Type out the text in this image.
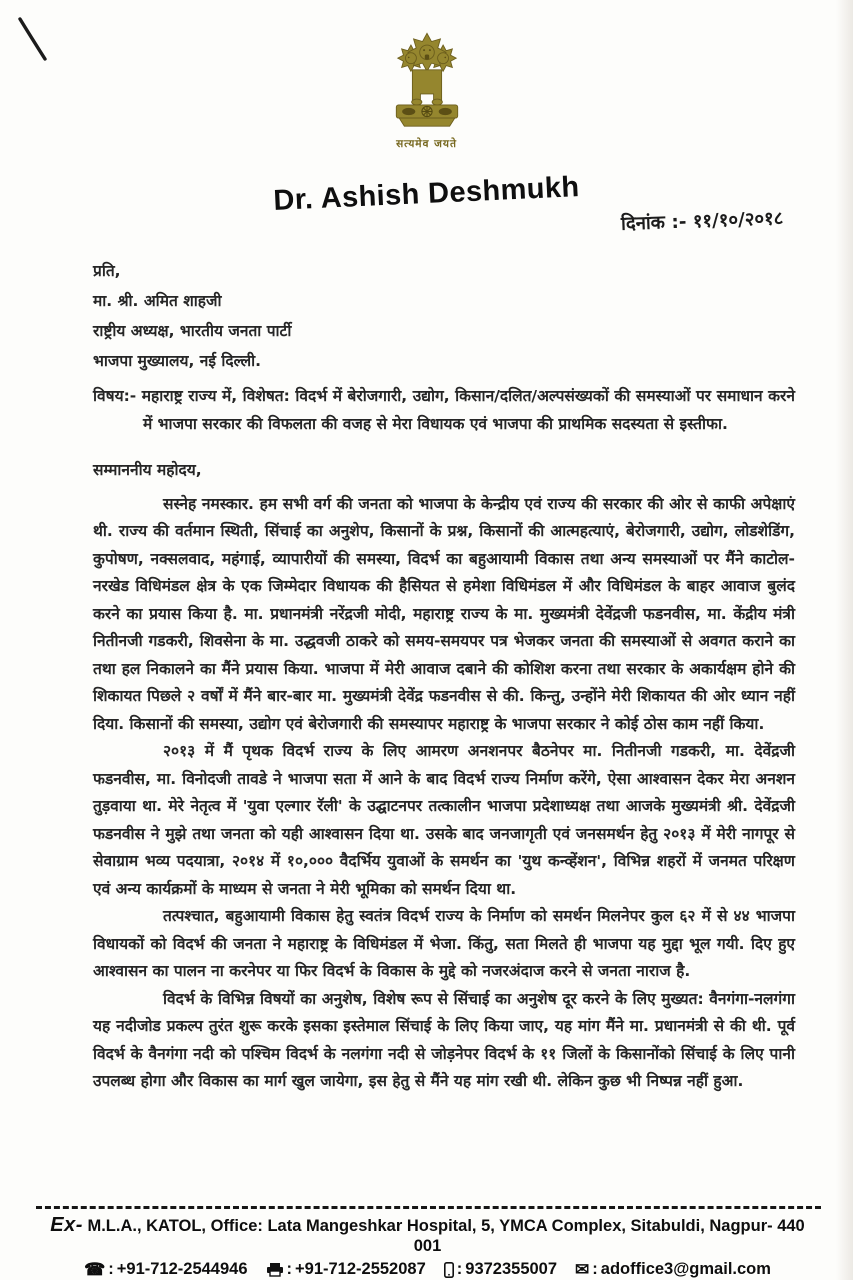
सत्यमेव जयते
Dr. Ashish Deshmukh
दिनांक :- ११/१०/२०१८
प्रति,
मा. श्री. अमित शाहजी
राष्ट्रीय अध्यक्ष, भारतीय जनता पार्टी
भाजपा मुख्यालय, नई दिल्ली.

विषय:- महाराष्ट्र राज्य में, विशेषत: विदर्भ में बेरोजगारी, उद्योग, किसान/दलित/अल्पसंख्यकों की समस्याओं पर समाधान करने में भाजपा सरकार की विफलता की वजह से मेरा विधायक एवं भाजपा की प्राथमिक सदस्यता से इस्तीफा.

सम्माननीय महोदय,

सस्नेह नमस्कार. हम सभी वर्ग की जनता को भाजपा के केन्द्रीय एवं राज्य की सरकार की ओर से काफी अपेक्षाएं थी. राज्य की वर्तमान स्थिती, सिंचाई का अनुशेप, किसानों के प्रश्न, किसानों की आत्महत्याएं, बेरोजगारी, उद्योग, लोडशेडिंग, कुपोषण, नक्सलवाद, महंगाई, व्यापारीयों की समस्या, विदर्भ का बहुआयामी विकास तथा अन्य समस्याओं पर मैंने काटोल-नरखेड विधिमंडल क्षेत्र के एक जिम्मेदार विधायक की हैसियत से हमेशा विधिमंडल में और विधिमंडल के बाहर आवाज बुलंद करने का प्रयास किया है. मा. प्रधानमंत्री नरेंद्रजी मोदी, महाराष्ट्र राज्य के मा. मुख्यमंत्री देवेंद्रजी फडनवीस, मा. केंद्रीय मंत्री नितीनजी गडकरी, शिवसेना के मा. उद्धवजी ठाकरे को समय-समयपर पत्र भेजकर जनता की समस्याओं से अवगत कराने का तथा हल निकालने का मैंने प्रयास किया. भाजपा में मेरी आवाज दबाने की कोशिश करना तथा सरकार के अकार्यक्षम होने की शिकायत पिछले २ वर्षों में मैंने बार-बार मा. मुख्यमंत्री देवेंद्र फडनवीस से की. किन्तु, उन्होंने मेरी शिकायत की ओर ध्यान नहीं दिया. किसानों की समस्या, उद्योग एवं बेरोजगारी की समस्यापर महाराष्ट्र के भाजपा सरकार ने कोई ठोस काम नहीं किया.

२०१३ में मैं पृथक विदर्भ राज्य के लिए आमरण अनशनपर बैठनेपर मा. नितीनजी गडकरी, मा. देवेंद्रजी फडनवीस, मा. विनोदजी तावडे ने भाजपा सता में आने के बाद विदर्भ राज्य निर्माण करेंगे, ऐसा आश्वासन देकर मेरा अनशन तुड़वाया था. मेरे नेतृत्व में 'युवा एल्गार रॅली' के उद्घाटनपर तत्कालीन भाजपा प्रदेशाध्यक्ष तथा आजके मुख्यमंत्री श्री. देवेंद्रजी फडनवीस ने मुझे तथा जनता को यही आश्वासन दिया था. उसके बाद जनजागृती एवं जनसमर्थन हेतु २०१३ में मेरी नागपूर से सेवाग्राम भव्य पदयात्रा, २०१४ में १०,००० वैदर्भिय युवाओं के समर्थन का 'युथ कन्व्हेंशन', विभिन्न शहरों में जनमत परिक्षण एवं अन्य कार्यक्रमों के माध्यम से जनता ने मेरी भूमिका को समर्थन दिया था.

तत्पश्चात, बहुआयामी विकास हेतु स्वतंत्र विदर्भ राज्य के निर्माण को समर्थन मिलनेपर कुल ६२ में से ४४ भाजपा विधायकों को विदर्भ की जनता ने महाराष्ट्र के विधिमंडल में भेजा. किंतु, सता मिलते ही भाजपा यह मुद्दा भूल गयी. दिए हुए आश्वासन का पालन ना करनेपर या फिर विदर्भ के विकास के मुद्दे को नजरअंदाज करने से जनता नाराज है.

विदर्भ के विभिन्न विषयों का अनुशेष, विशेष रूप से सिंचाई का अनुशेष दूर करने के लिए मुख्यत: वैनगंगा-नलगंगा यह नदीजोड प्रकल्प तुरंत शुरू करके इसका इस्तेमाल सिंचाई के लिए किया जाए, यह मांग मैंने मा. प्रधानमंत्री से की थी. पूर्व विदर्भ के वैनगंगा नदी को पश्चिम विदर्भ के नलगंगा नदी से जोड़नेपर विदर्भ के ११ जिलों के किसानोंको सिंचाई के लिए पानी उपलब्ध होगा और विकास का मार्ग खुल जायेगा, इस हेतु से मैंने यह मांग रखी थी. लेकिन कुछ भी निष्पन्न नहीं हुआ.

Ex- M.L.A., KATOL, Office: Lata Mangeshkar Hospital, 5, YMCA Complex, Sitabuldi, Nagpur- 440 001
☎ : +91-712-2544946 : +91-712-2552087 : 9372355007 ✉ : adoffice3@gmail.com
